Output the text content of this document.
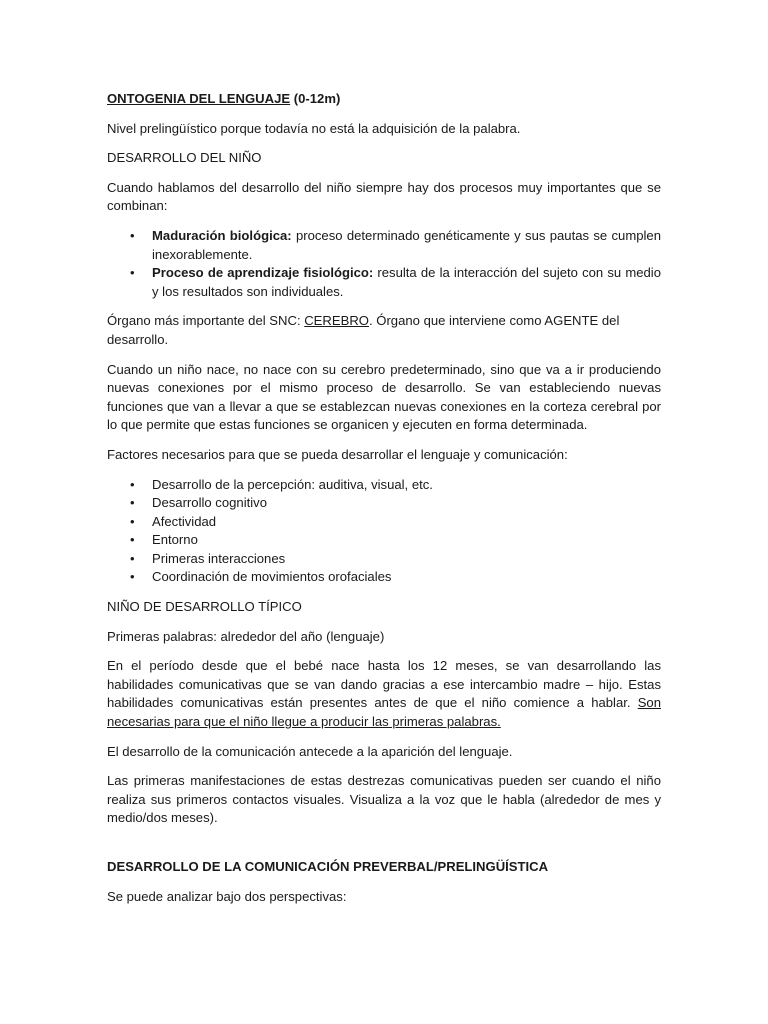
ONTOGENIA DEL LENGUAJE (0-12m)

Nivel prelingüístico porque todavía no está la adquisición de la palabra.

DESARROLLO DEL NIÑO

Cuando hablamos del desarrollo del niño siempre hay dos procesos muy importantes que se combinan:

• Maduración biológica: proceso determinado genéticamente y sus pautas se cumplen inexorablemente.
• Proceso de aprendizaje fisiológico: resulta de la interacción del sujeto con su medio y los resultados son individuales.

Órgano más importante del SNC: CEREBRO. Órgano que interviene como AGENTE del desarrollo.

Cuando un niño nace, no nace con su cerebro predeterminado, sino que va a ir produciendo nuevas conexiones por el mismo proceso de desarrollo. Se van estableciendo nuevas funciones que van a llevar a que se establezcan nuevas conexiones en la corteza cerebral por lo que permite que estas funciones se organicen y ejecuten en forma determinada.

Factores necesarios para que se pueda desarrollar el lenguaje y comunicación:

• Desarrollo de la percepción: auditiva, visual, etc.
• Desarrollo cognitivo
• Afectividad
• Entorno
• Primeras interacciones
• Coordinación de movimientos orofaciales

NIÑO DE DESARROLLO TÍPICO

Primeras palabras: alrededor del año (lenguaje)

En el período desde que el bebé nace hasta los 12 meses, se van desarrollando las habilidades comunicativas que se van dando gracias a ese intercambio madre – hijo. Estas habilidades comunicativas están presentes antes de que el niño comience a hablar. Son necesarias para que el niño llegue a producir las primeras palabras.

El desarrollo de la comunicación antecede a la aparición del lenguaje.

Las primeras manifestaciones de estas destrezas comunicativas pueden ser cuando el niño realiza sus primeros contactos visuales. Visualiza a la voz que le habla (alrededor de mes y medio/dos meses).

DESARROLLO DE LA COMUNICACIÓN PREVERBAL/PRELINGÜÍSTICA

Se puede analizar bajo dos perspectivas:
